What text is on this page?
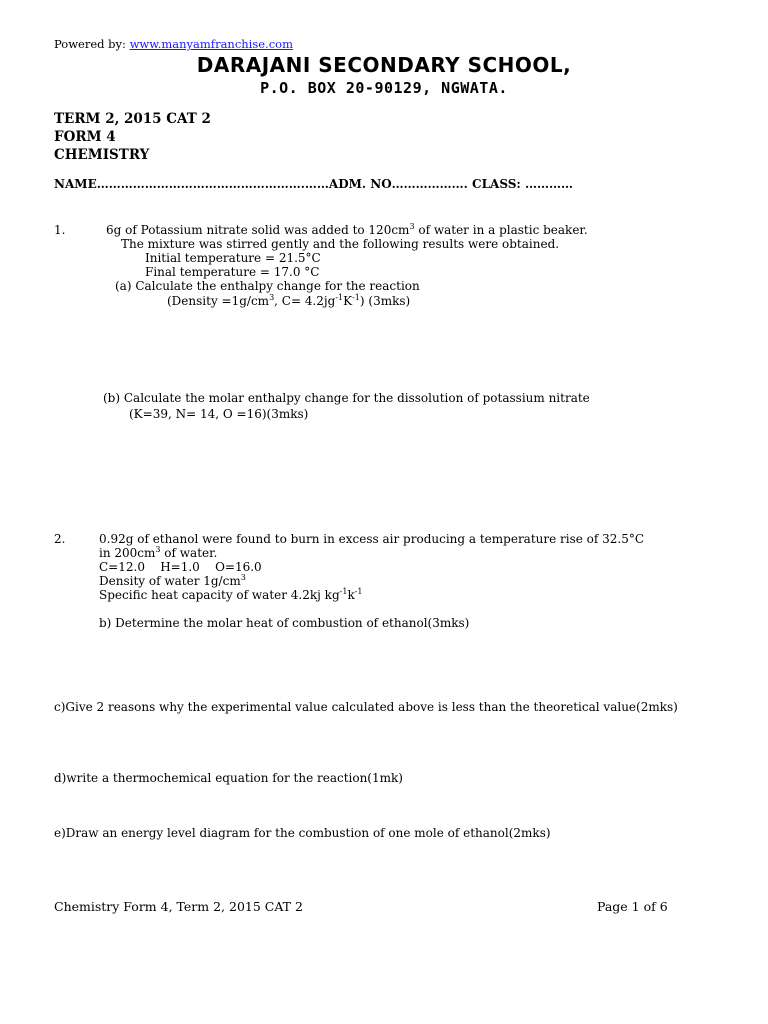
Powered by: www.manyamfranchise.com
DARAJANI SECONDARY SCHOOL,
P.O. BOX 20-90129, NGWATA.
TERM 2, 2015 CAT 2
FORM 4
CHEMISTRY
NAME…………………………………………….……ADM. NO………………. CLASS: …………
1.	6g of Potassium nitrate solid was added to $120cm^3$ of water in a plastic beaker.
The mixture was stirred gently and the following results were obtained.
Initial temperature = 21.5°C
Final temperature = 17.0 °C
(a) Calculate the enthalpy change for the reaction
(Density $=1g/cm^3$, $C= 4.2jg^{-1}K^{-1}$) (3mks)
(b) Calculate the molar enthalpy change for the dissolution of potassium nitrate
(K=39, N= 14, O =16)(3mks)
2.	0.92g of ethanol were found to burn in excess air producing a temperature rise of 32.5°C
in $200cm^3$ of water.
C=12.0    H=1.0    O=16.0
Density of water $1g/cm^3$
Specific heat capacity of water 4.2kj $kg^{-1}k^{-1}$
b) Determine the molar heat of combustion of ethanol(3mks)
c)Give 2 reasons why the experimental value calculated above is less than the theoretical value(2mks)
d)write a thermochemical equation for the reaction(1mk)
e)Draw an energy level diagram for the combustion of one mole of ethanol(2mks)
Chemistry Form 4, Term 2, 2015 CAT 2	Page 1 of 6
